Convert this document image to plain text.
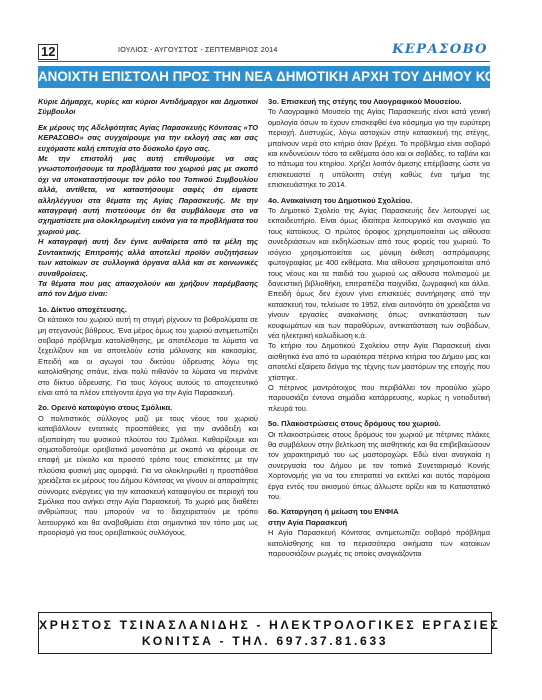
12	ΙΟΥΛΙΟΣ - ΑΥΓΟΥΣΤΟΣ - ΣΕΠΤΕΜΒΡΙΟΣ 2014	ΚΕΡΑΣΟΒΟ
ΑΝΟΙΧΤΗ ΕΠΙΣΤΟΛΗ ΠΡΟΣ ΤΗΝ ΝΕΑ ΔΗΜΟΤΙΚΗ ΑΡΧΗ ΤΟΥ ΔΗΜΟΥ ΚΟΝΙΤΣΑΣ

Κύριε Δήμαρχε, κυρίες και κύριοι Αντιδήμαρχοι και Δημοτικοί Σύμβουλοι

Εκ μέρους της Αδελφότητας Αγίας Παρασκευής Κόνιτσας «ΤΟ ΚΕΡΑΣΟΒΟ» σας συγχαίρουμε για την εκλογή σας και σας ευχόμαστε καλή επιτυχία στο δύσκολο έργο σας.

Με την επιστολή μας αυτή επιθυμούμε να σας γνωστοποιήσουμε τα προβλήματα του χωριού μας με σκοπό όχι να υποκαταστήσουμε τον ρόλο του Τοπικού Συμβουλίου αλλά, αντίθετα, να καταστήσουμε σαφές ότι είμαστε αλληλέγγυοι στα θέματα της Αγίας Παρασκευής. Με την καταγραφή αυτή πιστεύουμε ότι θα συμβάλουμε στο να σχηματίσετε μια ολοκληρωμένη εικόνα για τα προβλήματα του χωριού μας.

Η καταγραφή αυτή δεν έγινε αυθαίρετα από τα μέλη της Συντακτικής Επιτροπής αλλά αποτελεί προϊόν συζητήσεων των κατοίκων σε συλλογικά όργανα αλλά και σε κοινωνικές συναθροίσεις.

Τα θέματα που μας απασχολούν και χρήζουν παρέμβασης από τον Δήμο είναι:

1ο. Δίκτυο αποχέτευσης.

Οι κάτοικοι του χωριού αυτή τη στιγμή ρίχνουν τα βοθρολύματα σε μη στεγανούς βόθρους. Ένα μέρος όμως του χωριού αντιμετωπίζει σοβαρό πρόβλημα κατολίσθησης, με αποτέλεσμα τα λύματα να ξεχειλίζουν και να αποτελούν εστία μόλυνσης και κακοσμίας. Επειδή και οι αγωγοί του δικτύου ύδρευσης λόγω της κατολίσθησης σπάνε, είναι πολύ πιθανόν τα λύματα να περνάνε στο δίκτυο ύδρευσης. Για τους λόγους αυτούς το αποχετευτικό είναι από τα πλέον επείγοντα έργα για την Αγία Παρασκευή.

2ο. Ορεινό καταφύγιο στους Σμόλικα.

Ο πολιτιστικός σύλλογος μαζί με τους νέους του χωριού καταβάλλουν εντατικές προσπάθειες για την ανάδειξη και αξιοποίηση του φυσικού πλούτου του Σμόλικα. Καθαρίζουμε και σηματοδοτούμε ορειβατικά μονοπάτια με σκοπό να φέρουμε σε επαφή με εύκολο και προσιτό τρόπο τους επισκέπτες με την πλούσια φυσική μας ομορφιά. Για να ολοκληρωθεί η προσπάθεια χρειάζεται εκ μέρους του Δήμου Κόνιτσας να γίνουν οι απαραίτητες σύννομες ενέργειες για την κατασκευή καταφυγίου σε περιοχή του Σμόλικα που ανήκει στην Αγία Παρασκευή. Το χωριό μας διαθέτει ανθρώπους που μπορούν να το διαχειριστούν με τρόπο λειτουργικό και θα αναβαθμίσει έτσι σημαντικά τον τόπο μας ως προορισμό για τους ορειβατικούς συλλόγους.

3ο. Επισκευή της στέγης του Λαογραφικού Μουσείου.

Το Λαογραφικό Μουσείο της Αγίας Παρασκευής είναι κατά γενική ομολογία όσων το έχουν επισκεφθεί ένα κόσμημα για την ευρύτερη περιοχή. Δυστυχώς, λόγω αστοχιών στην κατασκευή της στέγης, μπαίνουν νερά στο κτήριο όταν βρέχει. Το πρόβλημα είναι σοβαρό και κινδυνεύουν τόσο τα εκθέματα όσο και οι σοβάδες, το ταβάνι και το πάτωμα του κτηρίου. Χρήζει λοιπόν άμεσης επέμβασης ώστε να επισκευαστεί η υπόλοιπη στέγη καθώς ένα τμήμα της επισκευάστηκε το 2014.

4ο. Ανακαίνιση του Δημοτικού Σχολείου.

Το Δημοτικό Σχολείο της Αγίας Παρασκευής δεν λειτουργεί ως εκπαιδευτήριο. Είναι όμως ιδιαίτερα λειτουργικό και αναγκαίο για τους κατοίκους. Ο πρώτος όροφος χρησιμοποιείται ως αίθουσα συνεδριάσεων και εκδηλώσεων από τους φορείς του χωριού. Το ισόγειο χρησιμοποιείται ως μόνιμη έκθεση ασπρόμαυρης φωτογραφίας με 400 εκθέματα. Μια αίθουσα χρησιμοποιείται από τους νέους και τα παιδιά του χωριού ως αίθουσα πολιτισμού με δανειστική βιβλιοθήκη, επιτραπέζια παιχνίδια, ζωγραφική και άλλα. Επειδή όμως δεν έχουν γίνει επισκευές συντήρησης από την κατασκευή του, τελείωσε το 1952, είναι αυτονόητο ότι χρειάζεται να γίνουν εργασίες ανακαίνισης όπως: αντικατάσταση των κουφωμάτων και των παραθύρων, αντικατάσταση των σοβάδων, νέα ηλεκτρική καλωδίωση κ.ά.

Το κτήριο του Δημοτικού Σχολείου στην Αγία Παρασκευή είναι αισθητικά ένα από τα ωραιότερα πέτρινα κτήρια του Δήμου μας και αποτελεί εξαίρετο δείγμα της τέχνης των μαστόρων της εποχής που χτίστηκε.

Ο πέτρινος μαντρότοιχος που περιβάλλει τον προαύλιο χώρο παρουσιάζει έντονα σημάδια κατάρρευσης, κυρίως η νοτιοδυτική πλευρά του.

5ο. Πλακοστρώσεις στους δρόμους του χωριού.

Οι πλακοστρώσεις στους δρόμους του χωριού με πέτρινες πλάκες θα συμβάλουν στην βελτίωση της αισθητικής και θα επιβεβαιώσουν τον χαρακτηρισμό του ως μαστοροχώρι. Εδώ είναι αναγκαία η συνεργασία του Δήμου με τον τοπικό Συνεταιρισμό Κονιής Χορτονομής για να του επιτραπεί να εκτελεί και αυτός παρόμοια έργα εντός του οικισμού όπως άλλωστε ορίζει και το Καταστατικό του.

6ο. Καταργηση ή μείωση του ΕΝΦΙΑ

στην Αγία Παρασκευή

Η Αγία Παρασκευή Κόνιτσας αντιμετωπίζει σοβαρό πρόβλημα κατολίσθησης και τα περισσότερα οικήματα των κατοίκων παρουσιάζουν ρωγμές τις οποίες αναγκάζονται

ΧΡΗΣΤΟΣ ΤΣΙΝΑΣΛΑΝΙΔΗΣ - ΗΛΕΚΤΡΟΛΟΓΙΚΕΣ ΕΡΓΑΣΙΕΣ
ΚΟΝΙΤΣΑ - ΤΗΛ. 697.37.81.633
